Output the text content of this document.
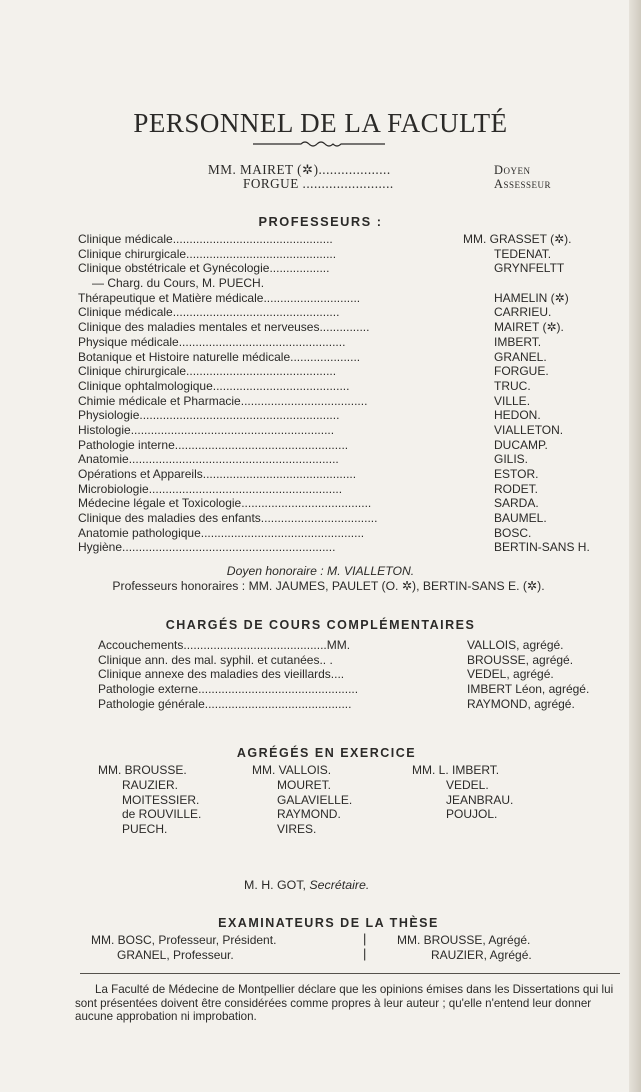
PERSONNEL DE LA FACULTÉ
MM. MAIRET (✲)...................	Doyen
FORGUE ........................	Assesseur
PROFESSEURS :
Clinique médicale................................................
Clinique chirurgicale.............................................
Clinique obstétricale et Gynécologie..................
— Charg. du Cours, M. PUECH.
Thérapeutique et Matière médicale.............................
Clinique médicale..................................................
Clinique des maladies mentales et nerveuses...............
Physique médicale..................................................
Botanique et Histoire naturelle médicale.....................
Clinique chirurgicale.............................................
Clinique ophtalmologique.........................................
Chimie médicale et Pharmacie......................................
Physiologie............................................................
Histologie.............................................................
Pathologie interne....................................................
Anatomie...............................................................
Opérations et Appareils..............................................
Microbiologie..........................................................
Médecine légale et Toxicologie.......................................
Clinique des maladies des enfants...................................
Anatomie pathologique.................................................
Hygiène................................................................
MM. GRASSET (✲).
TEDENAT.
GRYNFELTT
HAMELIN (✲)
CARRIEU.
MAIRET (✲).
IMBERT.
GRANEL.
FORGUE.
TRUC.
VILLE.
HEDON.
VIALLETON.
DUCAMP.
GILIS.
ESTOR.
RODET.
SARDA.
BAUMEL.
BOSC.
BERTIN-SANS H.
Doyen honoraire : M. VIALLETON.
Professeurs honoraires : MM. JAUMES, PAULET (O. ✲), BERTIN-SANS E. (✲).
CHARGÉS DE COURS COMPLÉMENTAIRES
Accouchements...........................................MM.
Clinique ann. des mal. syphil. et cutanées.. .
Clinique annexe des maladies des vieillards....
Pathologie externe................................................
Pathologie générale............................................
VALLOIS, agrégé.
BROUSSE, agrégé.
VEDEL, agrégé.
IMBERT Léon, agrégé.
RAYMOND, agrégé.
AGRÉGÉS EN EXERCICE
MM. BROUSSE.
RAUZIER.
MOITESSIER.
de ROUVILLE.
PUECH.
MM. VALLOIS.
MOURET.
GALAVIELLE.
RAYMOND.
VIRES.
MM. L. IMBERT.
VEDEL.
JEANBRAU.
POUJOL.
M. H. GOT, Secrétaire.
EXAMINATEURS DE LA THÈSE
MM. BOSC, Professeur, Président.
GRANEL, Professeur.
|
|
MM. BROUSSE, Agrégé.
RAUZIER, Agrégé.
La Faculté de Médecine de Montpellier déclare que les opinions émises dans les Dissertations qui lui sont présentées doivent être considérées comme propres à leur auteur ; qu'elle n'entend leur donner aucune approbation ni improbation.
